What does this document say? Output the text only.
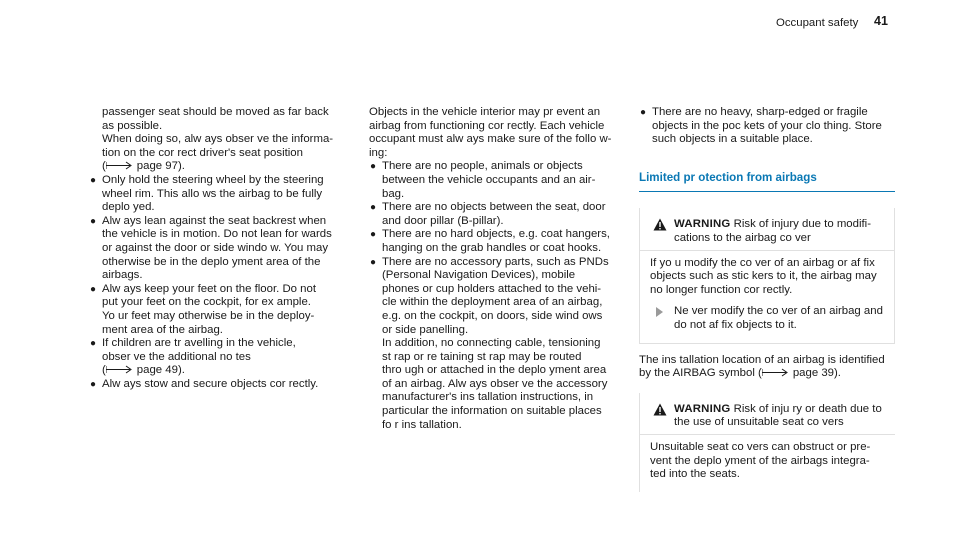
Occupant safety 41

passenger seat should be moved as far back

as possible.

When doing so, alw ays obser ve the informa-

tion on the cor rect driver's seat position

(	page 97).

● Only hold the steering wheel by the steering

wheel rim. This allo ws the airbag to be fully

deplo yed.

● Alw ays lean against the seat backrest when

the vehicle is in motion. Do not lean for wards

or against the door or side windo w. You may

otherwise be in the deplo yment area of the

airbags.

● Alw ays keep your feet on the floor. Do not

put your feet on the cockpit, for ex ample.

Yo ur feet may otherwise be in the deploy‐

ment area of the airbag.

● If children are tr avelling in the vehicle,

obser ve the additional no tes

(	page 49).

● Alw ays stow and secure objects cor rectly.

Objects in the vehicle interior may pr event an

airbag from functioning cor rectly. Each vehicle

occupant must alw ays make sure of the follo w-

ing:

● There are no people, animals or objects

between the vehicle occupants and an air‐

bag.

● There are no objects between the seat, door

and door pillar (B-pillar).

● There are no hard objects, e.g. coat hangers,

hanging on the grab handles or coat hooks.

● There are no accessory parts, such as PNDs

(Personal Navigation Devices), mobile

phones or cup holders attached to the vehi‐

cle within the deployment area of an airbag,

e.g. on the cockpit, on doors, side wind ows

or side panelling.

In addition, no connecting cable, tensioning

st rap or re taining st rap may be routed

thro ugh or attached in the deplo yment area

of an airbag. Alw ays obser ve the accessory

manufacturer's ins tallation instructions, in

particular the information on suitable places

fo r ins tallation.

● There are no heavy, sharp-edged or fragile

objects in the poc kets of your clo thing. Store

such objects in a suitable place.

Limited pr otection from airbags

WARNING Risk of injury due to modifi‐

cations to the airbag co ver

If yo u modify the co ver of an airbag or af fix

objects such as stic kers to it, the airbag may

no longer function cor rectly.

Ne ver modify the co ver of an airbag and

do not af fix objects to it.

The ins tallation location of an airbag is identified

by the AIRBAG symbol (	page 39).

WARNING Risk of inju ry or death due to

the use of unsuitable seat co vers

Unsuitable seat co vers can obstruct or pre‐

vent the deplo yment of the airbags integra‐

ted into the seats.
